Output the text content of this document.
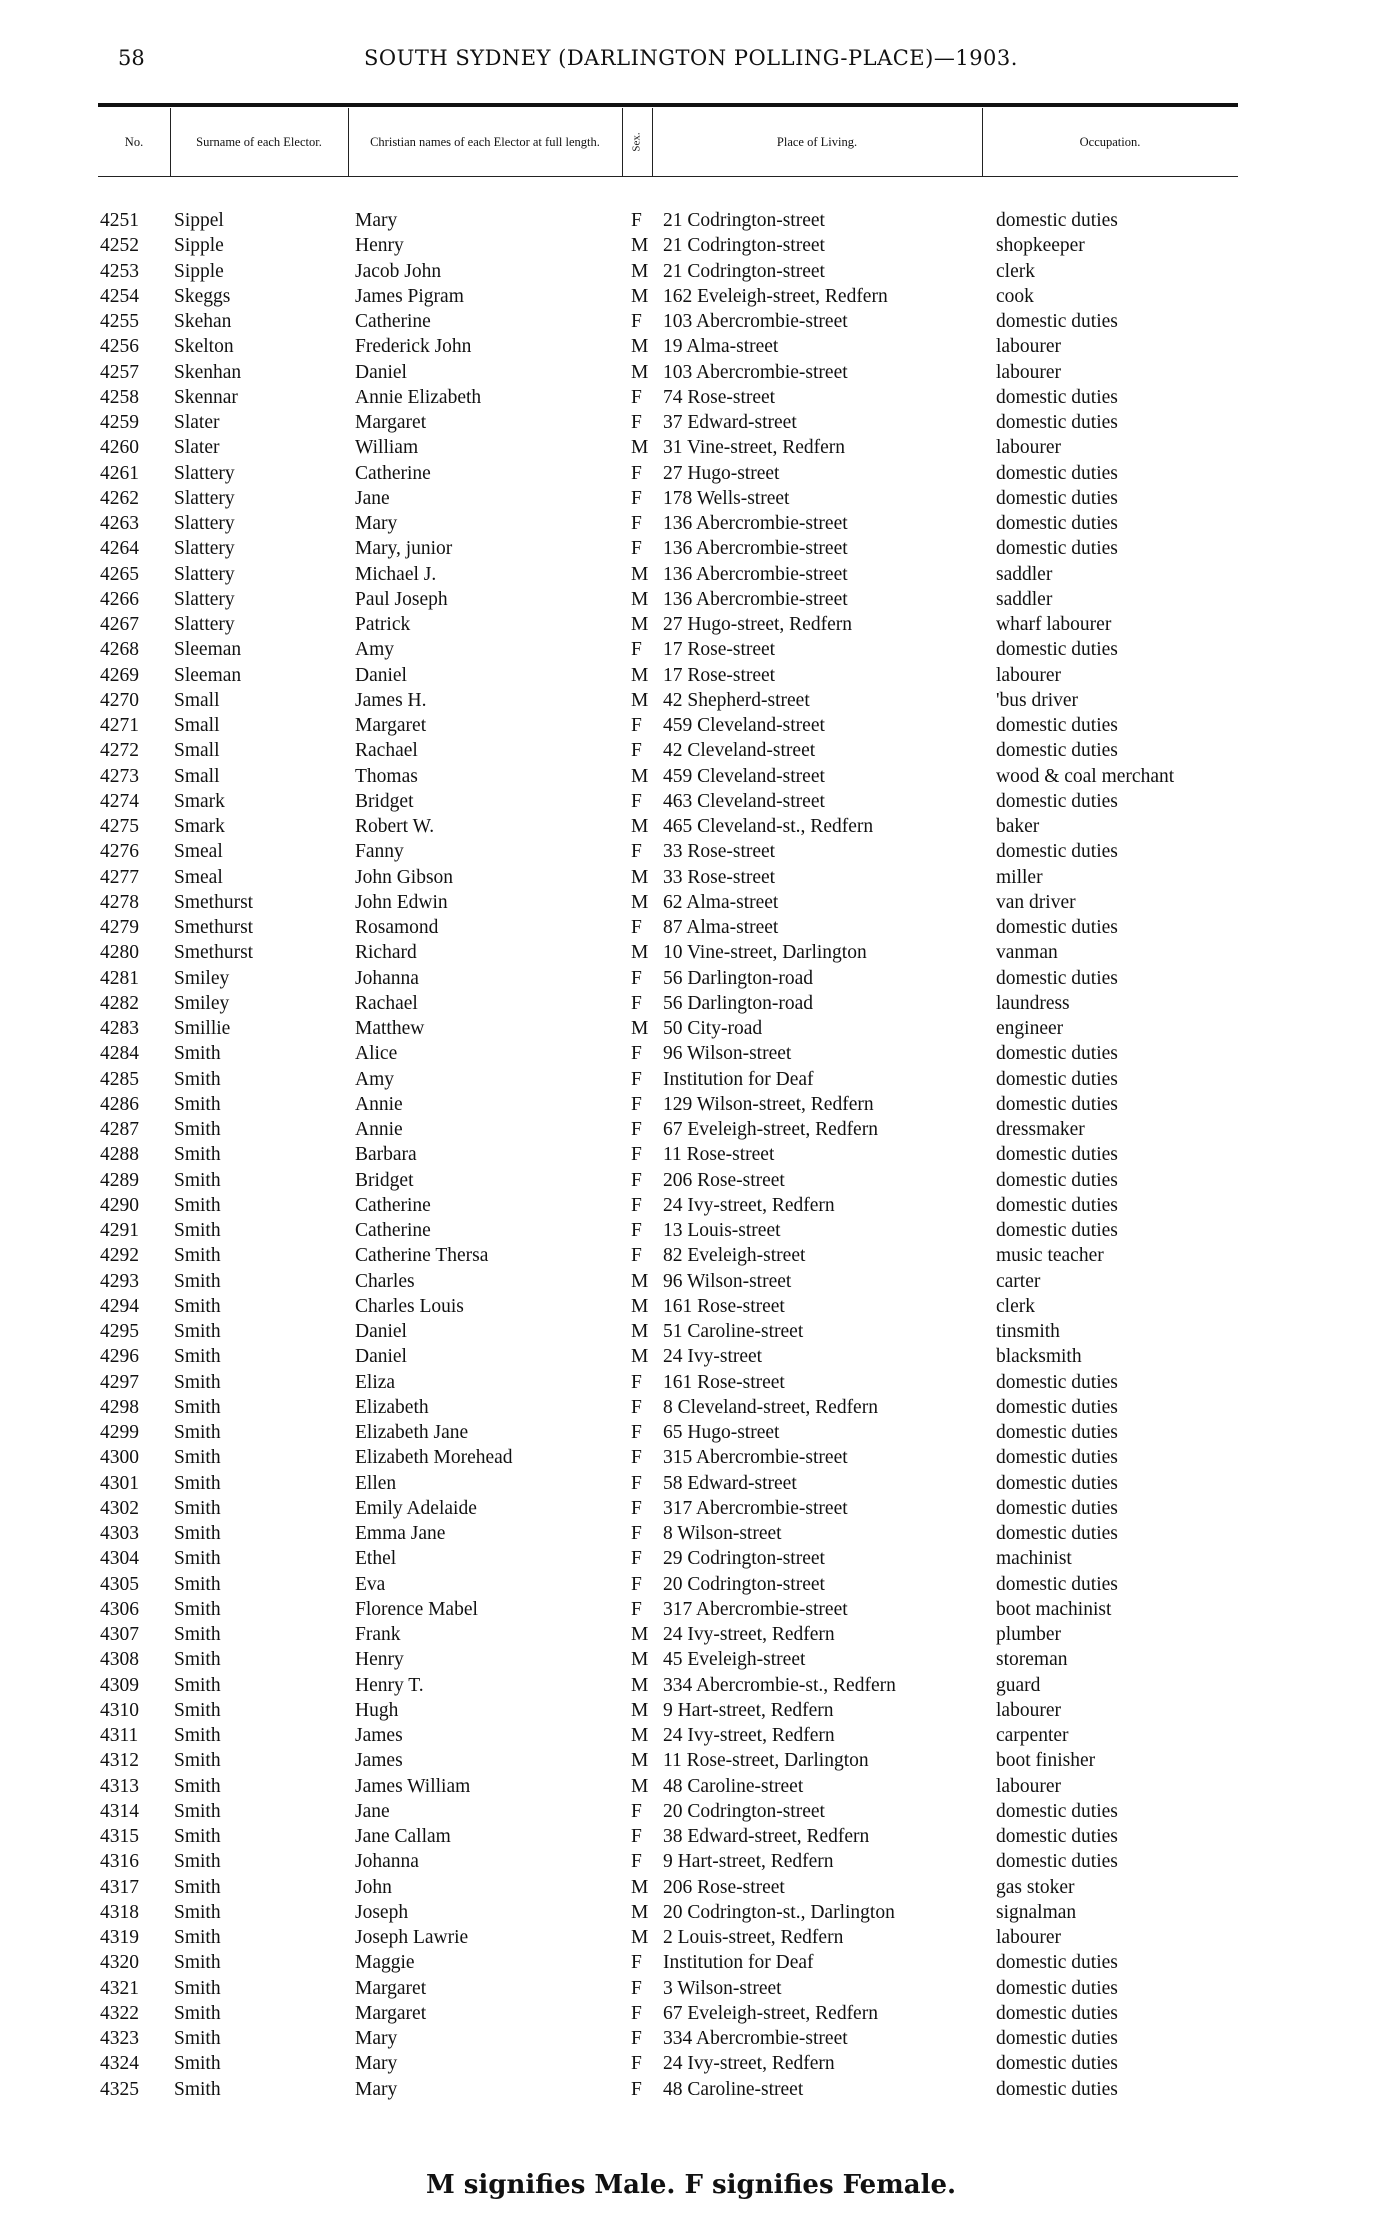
58	SOUTH SYDNEY (DARLINGTON POLLING-PLACE)—1903.
No.	Surname of each Elector.	Christian names of each Elector at full length.	Sex.	Place of Living.	Occupation.
4251 Sippel	Mary	F 21 Codrington-street	domestic duties
4252 Sipple	Henry	M 21 Codrington-street	shopkeeper
4253 Sipple	Jacob John	M 21 Codrington-street	clerk
4254 Skeggs	James Pigram	M 162 Eveleigh-street, Redfern	cook
4255 Skehan	Catherine	F 103 Abercrombie-street	domestic duties
4256 Skelton	Frederick John	M 19 Alma-street	labourer
4257 Skenhan	Daniel	M 103 Abercrombie-street	labourer
4258 Skennar	Annie Elizabeth	F 74 Rose-street	domestic duties
4259 Slater	Margaret	F 37 Edward-street	domestic duties
4260 Slater	William	M 31 Vine-street, Redfern	labourer
4261 Slattery	Catherine	F 27 Hugo-street	domestic duties
4262 Slattery	Jane	F 178 Wells-street	domestic duties
4263 Slattery	Mary	F 136 Abercrombie-street	domestic duties
4264 Slattery	Mary, junior	F 136 Abercrombie-street	domestic duties
4265 Slattery	Michael J.	M 136 Abercrombie-street	saddler
4266 Slattery	Paul Joseph	M 136 Abercrombie-street	saddler
4267 Slattery	Patrick	M 27 Hugo-street, Redfern	wharf labourer
4268 Sleeman	Amy	F 17 Rose-street	domestic duties
4269 Sleeman	Daniel	M 17 Rose-street	labourer
4270 Small	James H.	M 42 Shepherd-street	'bus driver
4271 Small	Margaret	F 459 Cleveland-street	domestic duties
4272 Small	Rachael	F 42 Cleveland-street	domestic duties
4273 Small	Thomas	M 459 Cleveland-street	wood & coal merchant
4274 Smark	Bridget	F 463 Cleveland-street	domestic duties
4275 Smark	Robert W.	M 465 Cleveland-st., Redfern	baker
4276 Smeal	Fanny	F 33 Rose-street	domestic duties
4277 Smeal	John Gibson	M 33 Rose-street	miller
4278 Smethurst	John Edwin	M 62 Alma-street	van driver
4279 Smethurst	Rosamond	F 87 Alma-street	domestic duties
4280 Smethurst	Richard	M 10 Vine-street, Darlington	vanman
4281 Smiley	Johanna	F 56 Darlington-road	domestic duties
4282 Smiley	Rachael	F 56 Darlington-road	laundress
4283 Smillie	Matthew	M 50 City-road	engineer
4284 Smith	Alice	F 96 Wilson-street	domestic duties
4285 Smith	Amy	F Institution for Deaf	domestic duties
4286 Smith	Annie	F 129 Wilson-street, Redfern	domestic duties
4287 Smith	Annie	F 67 Eveleigh-street, Redfern	dressmaker
4288 Smith	Barbara	F 11 Rose-street	domestic duties
4289 Smith	Bridget	F 206 Rose-street	domestic duties
4290 Smith	Catherine	F 24 Ivy-street, Redfern	domestic duties
4291 Smith	Catherine	F 13 Louis-street	domestic duties
4292 Smith	Catherine Thersa	F 82 Eveleigh-street	music teacher
4293 Smith	Charles	M 96 Wilson-street	carter
4294 Smith	Charles Louis	M 161 Rose-street	clerk
4295 Smith	Daniel	M 51 Caroline-street	tinsmith
4296 Smith	Daniel	M 24 Ivy-street	blacksmith
4297 Smith	Eliza	F 161 Rose-street	domestic duties
4298 Smith	Elizabeth	F 8 Cleveland-street, Redfern	domestic duties
4299 Smith	Elizabeth Jane	F 65 Hugo-street	domestic duties
4300 Smith	Elizabeth Morehead	F 315 Abercrombie-street	domestic duties
4301 Smith	Ellen	F 58 Edward-street	domestic duties
4302 Smith	Emily Adelaide	F 317 Abercrombie-street	domestic duties
4303 Smith	Emma Jane	F 8 Wilson-street	domestic duties
4304 Smith	Ethel	F 29 Codrington-street	machinist
4305 Smith	Eva	F 20 Codrington-street	domestic duties
4306 Smith	Florence Mabel	F 317 Abercrombie-street	boot machinist
4307 Smith	Frank	M 24 Ivy-street, Redfern	plumber
4308 Smith	Henry	M 45 Eveleigh-street	storeman
4309 Smith	Henry T.	M 334 Abercrombie-st., Redfern	guard
4310 Smith	Hugh	M 9 Hart-street, Redfern	labourer
4311 Smith	James	M 24 Ivy-street, Redfern	carpenter
4312 Smith	James	M 11 Rose-street, Darlington	boot finisher
4313 Smith	James William	M 48 Caroline-street	labourer
4314 Smith	Jane	F 20 Codrington-street	domestic duties
4315 Smith	Jane Callam	F 38 Edward-street, Redfern	domestic duties
4316 Smith	Johanna	F 9 Hart-street, Redfern	domestic duties
4317 Smith	John	M 206 Rose-street	gas stoker
4318 Smith	Joseph	M 20 Codrington-st., Darlington	signalman
4319 Smith	Joseph Lawrie	M 2 Louis-street, Redfern	labourer
4320 Smith	Maggie	F Institution for Deaf	domestic duties
4321 Smith	Margaret	F 3 Wilson-street	domestic duties
4322 Smith	Margaret	F 67 Eveleigh-street, Redfern	domestic duties
4323 Smith	Mary	F 334 Abercrombie-street	domestic duties
4324 Smith	Mary	F 24 Ivy-street, Redfern	domestic duties
4325 Smith	Mary	F 48 Caroline-street	domestic duties
M signifies Male. F signifies Female.
